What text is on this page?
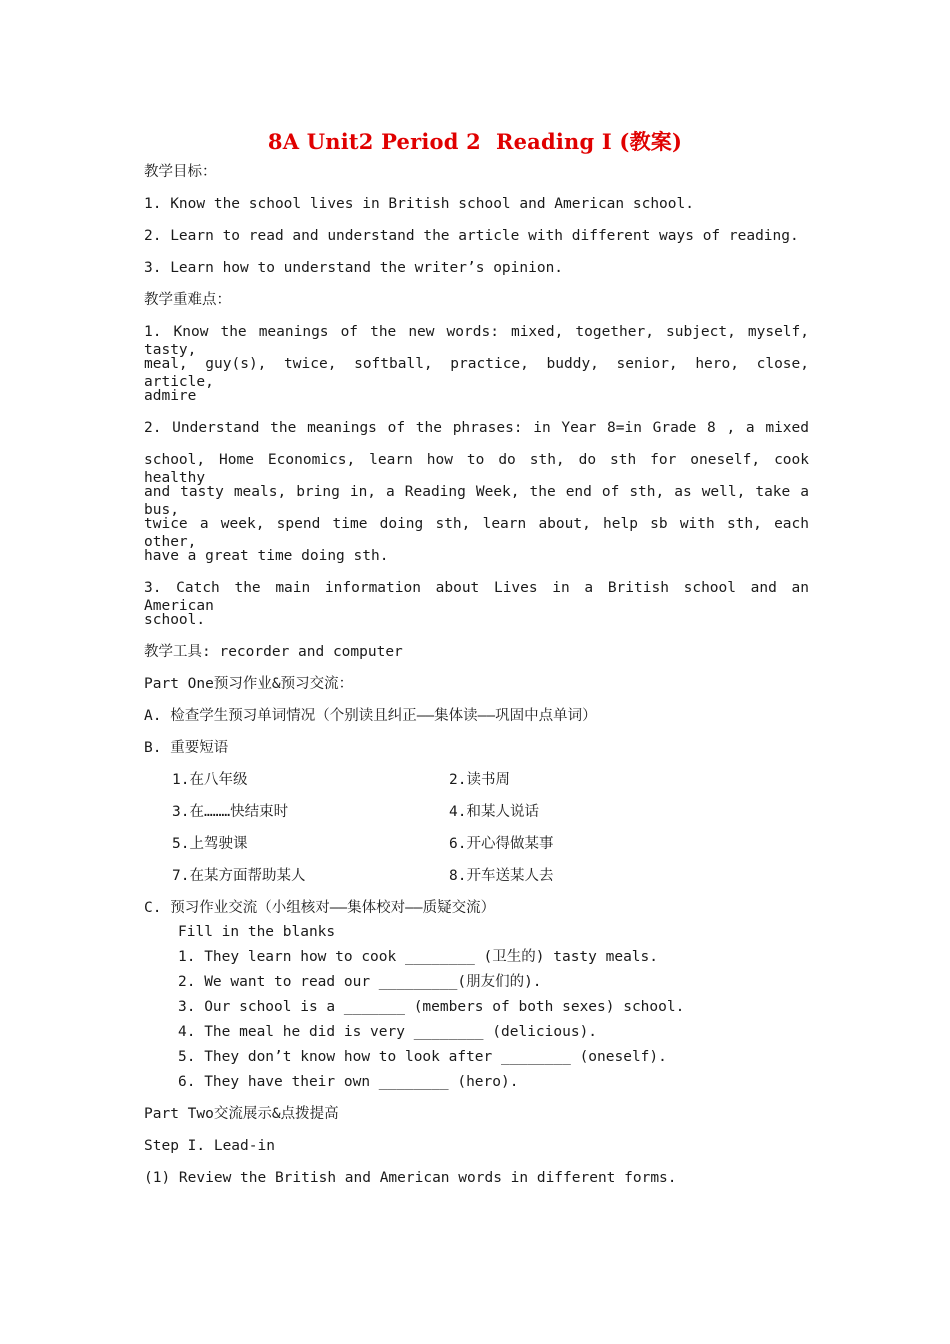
8A Unit2 Period 2  Reading I (教案)
教学目标：
1. Know the school lives in British school and American school.
2. Learn to read and understand the article with different ways of reading.
3. Learn how to understand the writer’s opinion.
教学重难点：
1. Know the meanings of the new words: mixed, together, subject, myself, tasty,
meal, guy(s), twice, softball, practice, buddy, senior, hero, close, article,
admire
2. Understand the meanings of the phrases: in Year 8=in Grade 8 , a mixed
school, Home Economics, learn how to do sth, do sth for oneself, cook healthy
and tasty meals, bring in, a Reading Week, the end of sth, as well, take a bus,
twice a week, spend time doing sth, learn about, help sb with sth, each other,
have a great time doing sth.
3. Catch the main information about Lives in a British school and an American
school.
教学工具: recorder and computer
Part One预习作业&预习交流：
A. 检查学生预习单词情况（个别读且纠正——集体读——巩固中点单词）
B. 重要短语
1.在八年级	2.读书周
3.在………快结束时	4.和某人说话
5.上驾驶课	6.开心得做某事
7.在某方面帮助某人	8.开车送某人去
C. 预习作业交流（小组核对——集体校对——质疑交流）
Fill in the blanks
1. They learn how to cook ________ (卫生的) tasty meals.
2. We want to read our _________(朋友们的).
3. Our school is a _______ (members of both sexes) school.
4. The meal he did is very ________ (delicious).
5. They don’t know how to look after ________ (oneself).
6. They have their own ________ (hero).
Part Two交流展示&点拨提高
Step I. Lead-in
(1) Review the British and American words in different forms.
